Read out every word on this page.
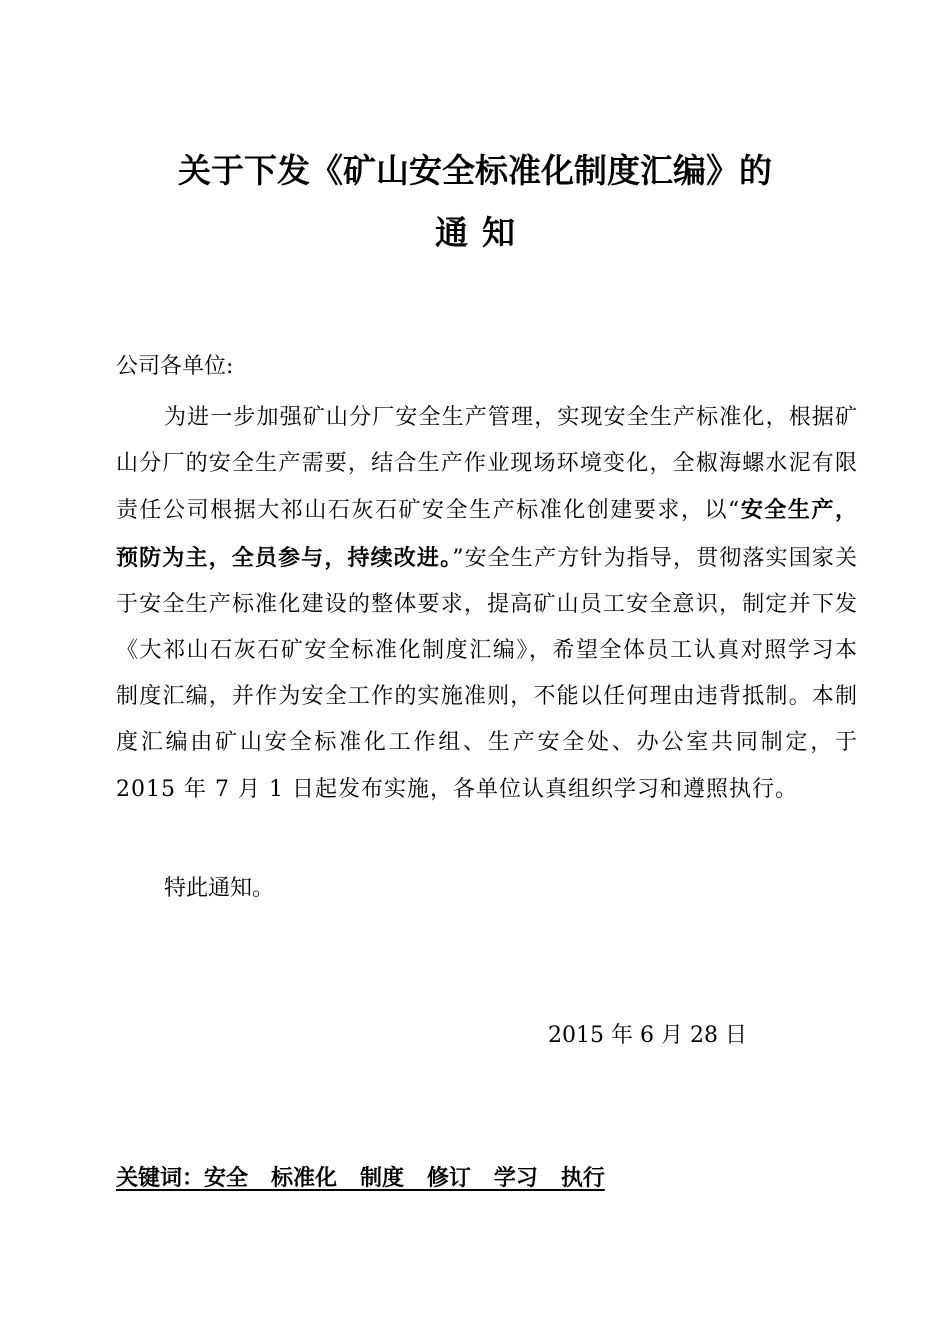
关于下发《矿山安全标准化制度汇编》的
通知

公司各单位:

为进一步加强矿山分厂安全生产管理，实现安全生产标准化，根据矿山分厂的安全生产需要，结合生产作业现场环境变化，全椒海螺水泥有限责任公司根据大祁山石灰石矿安全生产标准化创建要求，以“安全生产，预防为主，全员参与，持续改进。”安全生产方针为指导，贯彻落实国家关于安全生产标准化建设的整体要求，提高矿山员工安全意识，制定并下发《大祁山石灰石矿安全标准化制度汇编》，希望全体员工认真对照学习本制度汇编，并作为安全工作的实施准则，不能以任何理由违背抵制。本制度汇编由矿山安全标准化工作组、生产安全处、办公室共同制定，于 2015 年 7 月 1 日起发布实施，各单位认真组织学习和遵照执行。

特此通知。

2015 年 6 月 28 日

关键词：安全   标准化   制度   修订   学习   执行
